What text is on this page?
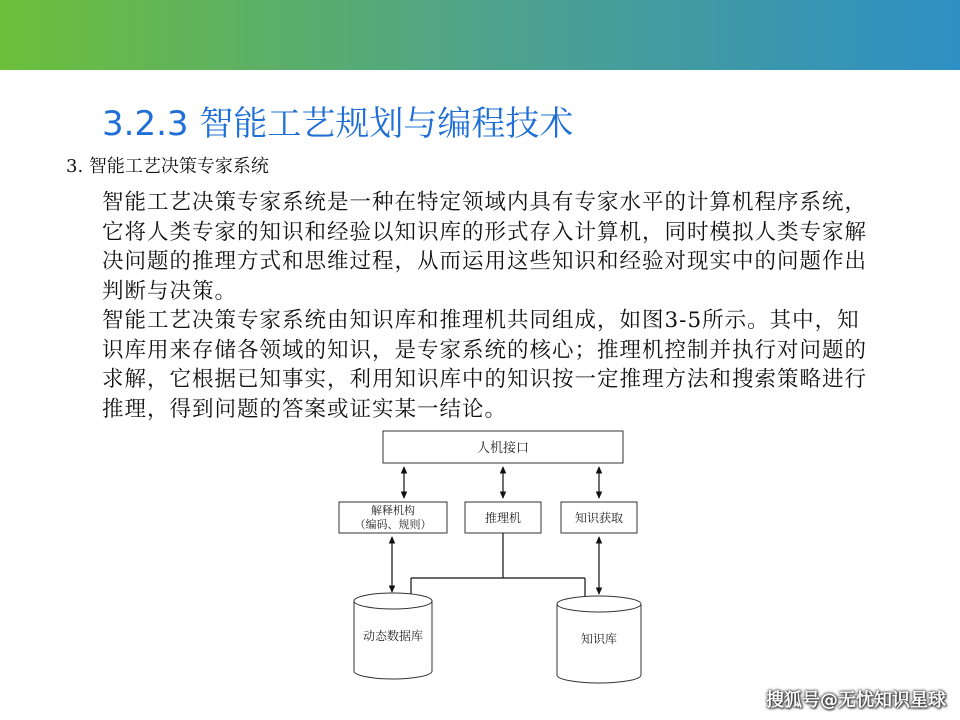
3.2.3 智能工艺规划与编程技术
3. 智能工艺决策专家系统

智能工艺决策专家系统是一种在特定领域内具有专家水平的计算机程序系统，它将人类专家的知识和经验以知识库的形式存入计算机，同时模拟人类专家解决问题的推理方式和思维过程，从而运用这些知识和经验对现实中的问题作出判断与决策。

智能工艺决策专家系统由知识库和推理机共同组成，如图3-5所示。其中，知识库用来存储各领域的知识，是专家系统的核心；推理机控制并执行对问题的求解，它根据已知事实，利用知识库中的知识按一定推理方法和搜索策略进行推理，得到问题的答案或证实某一结论。

人机接口
解释机构
（编码、规则）	推理机	知识获取
动态数据库	知识库
搜狐号@无忧知识星球
